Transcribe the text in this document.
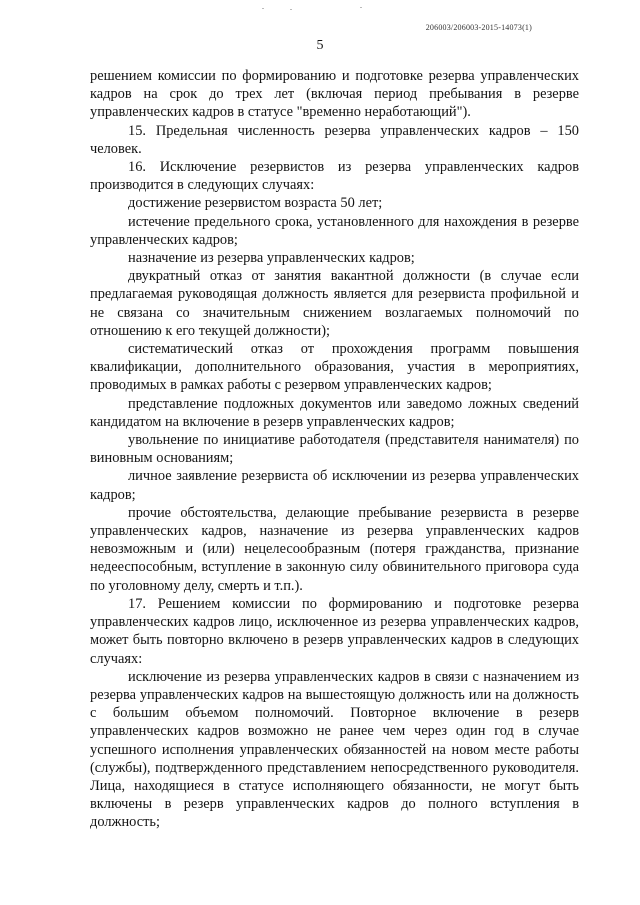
206003/206003-2015-14073(1)
5

решением комиссии по формированию и подготовке резерва управленческих кадров на срок до трех лет (включая период пребывания в резерве управленческих кадров в статусе "временно неработающий").

15. Предельная численность резерва управленческих кадров – 150 человек.

16. Исключение резервистов из резерва управленческих кадров производится в следующих случаях:

достижение резервистом возраста 50 лет;

истечение предельного срока, установленного для нахождения в резерве управленческих кадров;

назначение из резерва управленческих кадров;

двукратный отказ от занятия вакантной должности (в случае если предлагаемая руководящая должность является для резервиста профильной и не связана со значительным снижением возлагаемых полномочий по отношению к его текущей должности);

систематический отказ от прохождения программ повышения квалификации, дополнительного образования, участия в мероприятиях, проводимых в рамках работы с резервом управленческих кадров;

представление подложных документов или заведомо ложных сведений кандидатом на включение в резерв управленческих кадров;

увольнение по инициативе работодателя (представителя нанимателя) по виновным основаниям;

личное заявление резервиста об исключении из резерва управленческих кадров;

прочие обстоятельства, делающие пребывание резервиста в резерве управленческих кадров, назначение из резерва управленческих кадров невозможным и (или) нецелесообразным (потеря гражданства, признание недееспособным, вступление в законную силу обвинительного приговора суда по уголовному делу, смерть и т.п.).

17. Решением комиссии по формированию и подготовке резерва управленческих кадров лицо, исключенное из резерва управленческих кадров, может быть повторно включено в резерв управленческих кадров в следующих случаях:

исключение из резерва управленческих кадров в связи с назначением из резерва управленческих кадров на вышестоящую должность или на должность с большим объемом полномочий. Повторное включение в резерв управленческих кадров возможно не ранее чем через один год в случае успешного исполнения управленческих обязанностей на новом месте работы (службы), подтвержденного представлением непосредственного руководителя. Лица, находящиеся в статусе исполняющего обязанности, не могут быть включены в резерв управленческих кадров до полного вступления в должность;
